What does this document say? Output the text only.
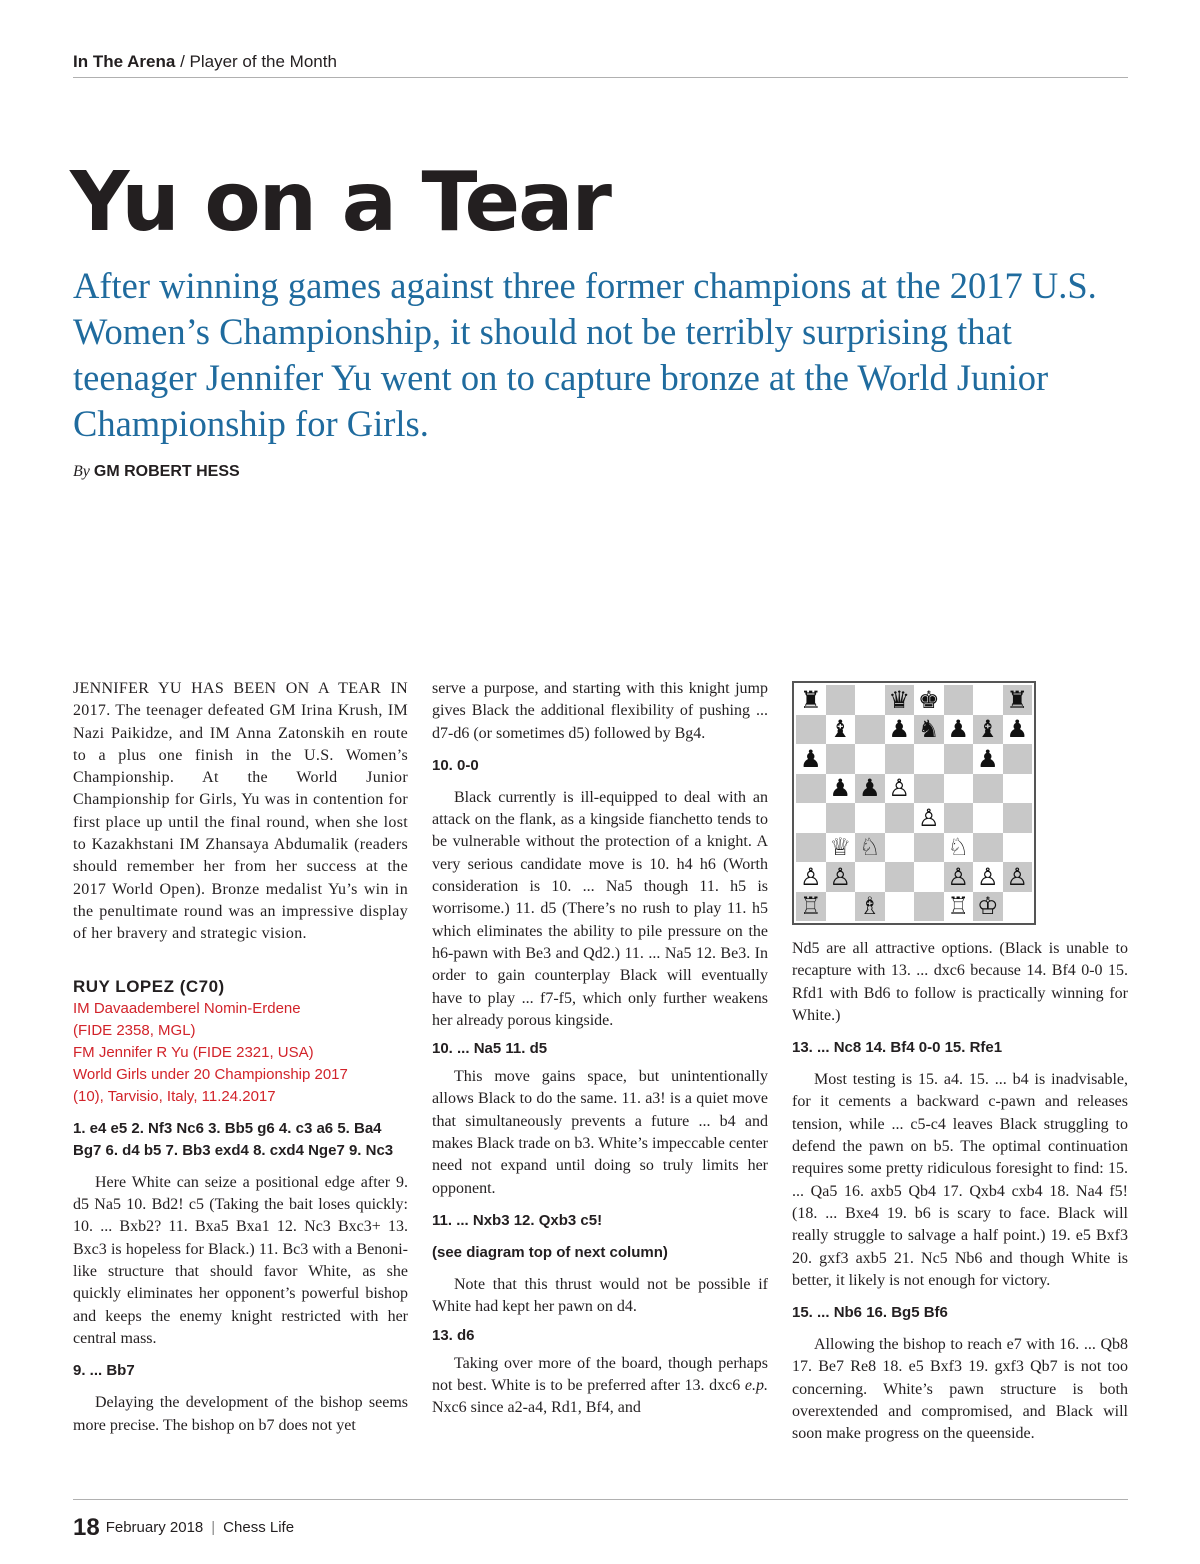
In The Arena / Player of the Month
Yu on a Tear
After winning games against three former champions at the 2017 U.S. Women’s Championship, it should not be terribly surprising that teenager Jennifer Yu went on to capture bronze at the World Junior Championship for Girls.
By GM ROBERT HESS

JENNIFER YU HAS BEEN ON A TEAR IN 2017. The teenager defeated GM Irina Krush, IM Nazi Paikidze, and IM Anna Zatonskih en route to a plus one finish in the U.S. Women’s Championship. At the World Junior Championship for Girls, Yu was in contention for first place up until the final round, when she lost to Kazakhstani IM Zhansaya Abdumalik (readers should remember her from her success at the 2017 World Open). Bronze medalist Yu’s win in the penultimate round was an impressive display of her bravery and strategic vision.

RUY LOPEZ (C70)

IM Davaademberel Nomin-Erdene

(FIDE 2358, MGL)

FM Jennifer R Yu (FIDE 2321, USA)

World Girls under 20 Championship 2017

(10), Tarvisio, Italy, 11.24.2017

1. e4 e5 2. Nf3 Nc6 3. Bb5 g6 4. c3 a6 5. Ba4 Bg7 6. d4 b5 7. Bb3 exd4 8. cxd4 Nge7 9. Nc3

Here White can seize a positional edge after 9. d5 Na5 10. Bd2! c5 (Taking the bait loses quickly: 10. ... Bxb2? 11. Bxa5 Bxa1 12. Nc3 Bxc3+ 13. Bxc3 is hopeless for Black.) 11. Bc3 with a Benoni-like structure that should favor White, as she quickly eliminates her opponent’s powerful bishop and keeps the enemy knight restricted with her central mass.

9. ... Bb7

Delaying the development of the bishop seems more precise. The bishop on b7 does not yet

serve a purpose, and starting with this knight jump gives Black the additional flexibility of pushing ... d7-d6 (or sometimes d5) followed by Bg4.

10. 0-0

Black currently is ill-equipped to deal with an attack on the flank, as a kingside fianchetto tends to be vulnerable without the protection of a knight. A very serious candidate move is 10. h4 h6 (Worth consideration is 10. ... Na5 though 11. h5 is worrisome.) 11. d5 (There’s no rush to play 11. h5 which eliminates the ability to pile pressure on the h6-pawn with Be3 and Qd2.) 11. ... Na5 12. Be3. In order to gain counterplay Black will eventually have to play ... f7-f5, which only further weakens her already porous kingside.

10. ... Na5 11. d5

This move gains space, but unintentionally allows Black to do the same. 11. a3! is a quiet move that simultaneously prevents a future ... b4 and makes Black trade on b3. White’s impeccable center need not expand until doing so truly limits her opponent.

11. ... Nxb3 12. Qxb3 c5!

(see diagram top of next column)

Note that this thrust would not be possible if White had kept her pawn on d4.

13. d6

Taking over more of the board, though perhaps not best. White is to be preferred after 13. dxc6 e.p. Nxc6 since a2-a4, Rd1, Bf4, and

♜	♛ ♚	♜
♝ ♟ ♞ ♟ ♝ ♟
♟	♟
♟ ♟ ♙
♙
♕ ♘	♘
♙ ♙	♙ ♙ ♙
♖ ♗	♖ ♔

Nd5 are all attractive options. (Black is unable to recapture with 13. ... dxc6 because 14. Bf4 0-0 15. Rfd1 with Bd6 to follow is practically winning for White.)

13. ... Nc8 14. Bf4 0-0 15. Rfe1

Most testing is 15. a4. 15. ... b4 is inadvisable, for it cements a backward c-pawn and releases tension, while ... c5-c4 leaves Black struggling to defend the pawn on b5. The optimal continuation requires some pretty ridiculous foresight to find: 15. ... Qa5 16. axb5 Qb4 17. Qxb4 cxb4 18. Na4 f5! (18. ... Bxe4 19. b6 is scary to face. Black will really struggle to salvage a half point.) 19. e5 Bxf3 20. gxf3 axb5 21. Nc5 Nb6 and though White is better, it likely is not enough for victory.

15. ... Nb6 16. Bg5 Bf6

Allowing the bishop to reach e7 with 16. ... Qb8 17. Be7 Re8 18. e5 Bxf3 19. gxf3 Qb7 is not too concerning. White’s pawn structure is both overextended and compromised, and Black will soon make progress on the queenside.

18 February 2018 | Chess Life
